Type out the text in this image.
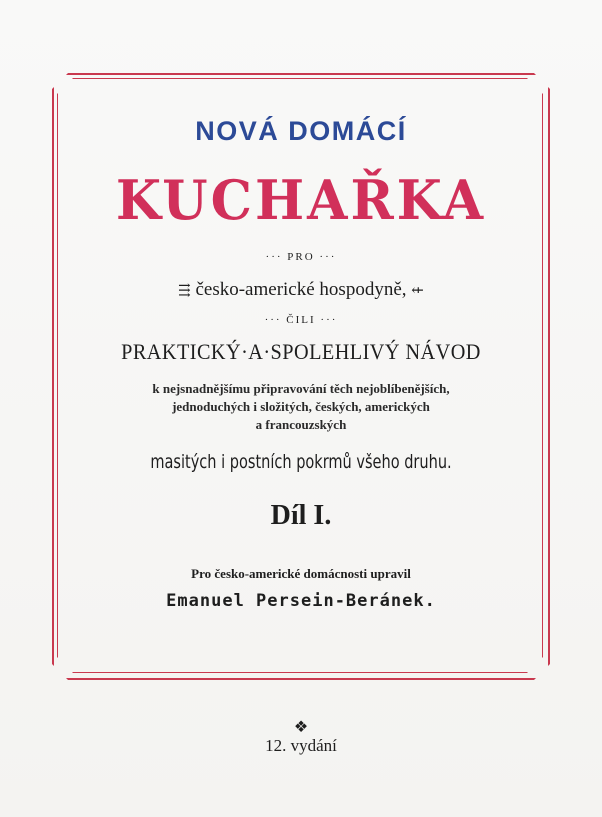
NOVÁ DOMÁCÍ
KUCHAŘKA
··· PRO ···
⇶ česko-americké hospodyně, ⇷
··· ČILI ···
PRAKTICKÝ·A·SPOLEHLIVÝ NÁVOD
k nejsnadnějšímu připravování těch nejoblíbenějších,
jednoduchých i složitých, českých, amerických
a francouzských
masitých i postních pokrmů všeho druhu.
Díl I.
Pro česko-americké domácnosti upravil
Emanuel Persein-Beránek.
❖
12. vydání
